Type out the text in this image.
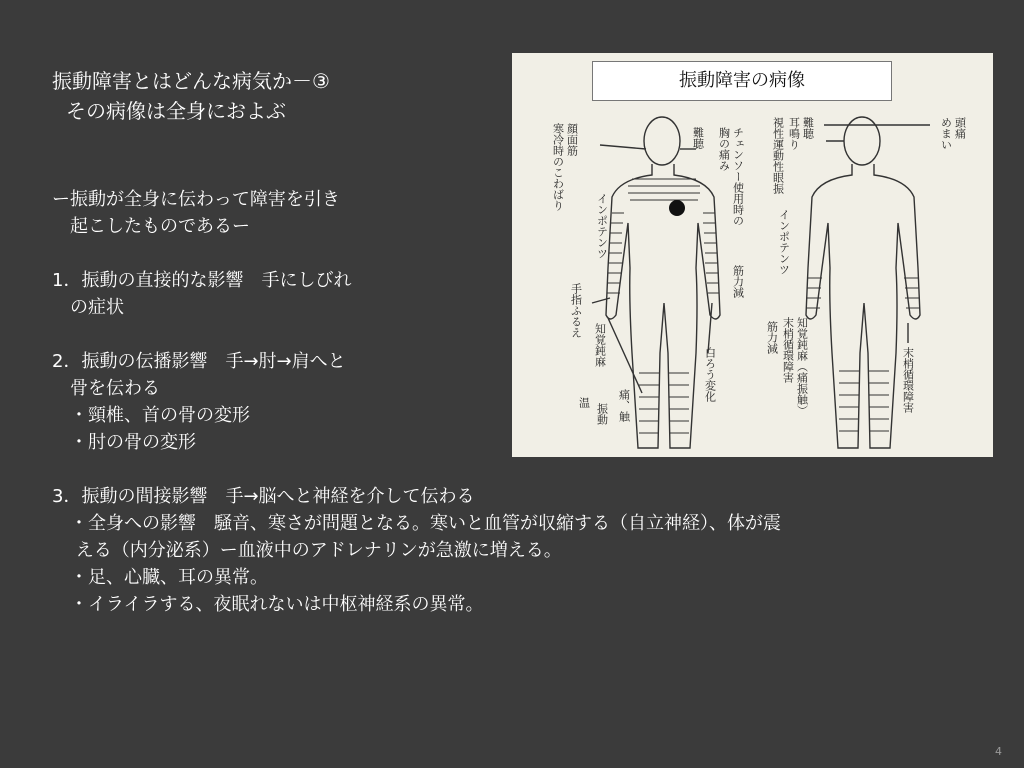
振動障害とはどんな病気か－③
その病像は全身におよぶ
ー振動が全身に伝わって障害を引き
　起こしたものであるー
1．振動の直接的な影響　手にしびれ
　の症状
2．振動の伝播影響　手→肘→肩へと
　骨を伝わる
　・頸椎、首の骨の変形
　・肘の骨の変形
3．振動の間接影響　手→脳へと神経を介して伝わる
　・全身への影響　騒音、寒さが問題となる。寒いと血管が収縮する（自立神経）、体が震
　 える（内分泌系）ー血液中のアドレナリンが急激に増える。
　・足、心臓、耳の異常。
　・イライラする、夜眠れないは中枢神経系の異常。
顔面筋
寒冷時のこわばり	難聴 チェンソー使用時の
胸の痛み
インポテンツ
手指ふるえ
知覚鈍麻
温
振動 痛、触
筋力減
白ろう変化
頭痛
めまい
難聴
耳鳴り
視性運動性眼振
インポテンツ
筋力減 知覚鈍麻（痛振触）
末梢循環障害	末梢循環障害
振動障害の病像
4
